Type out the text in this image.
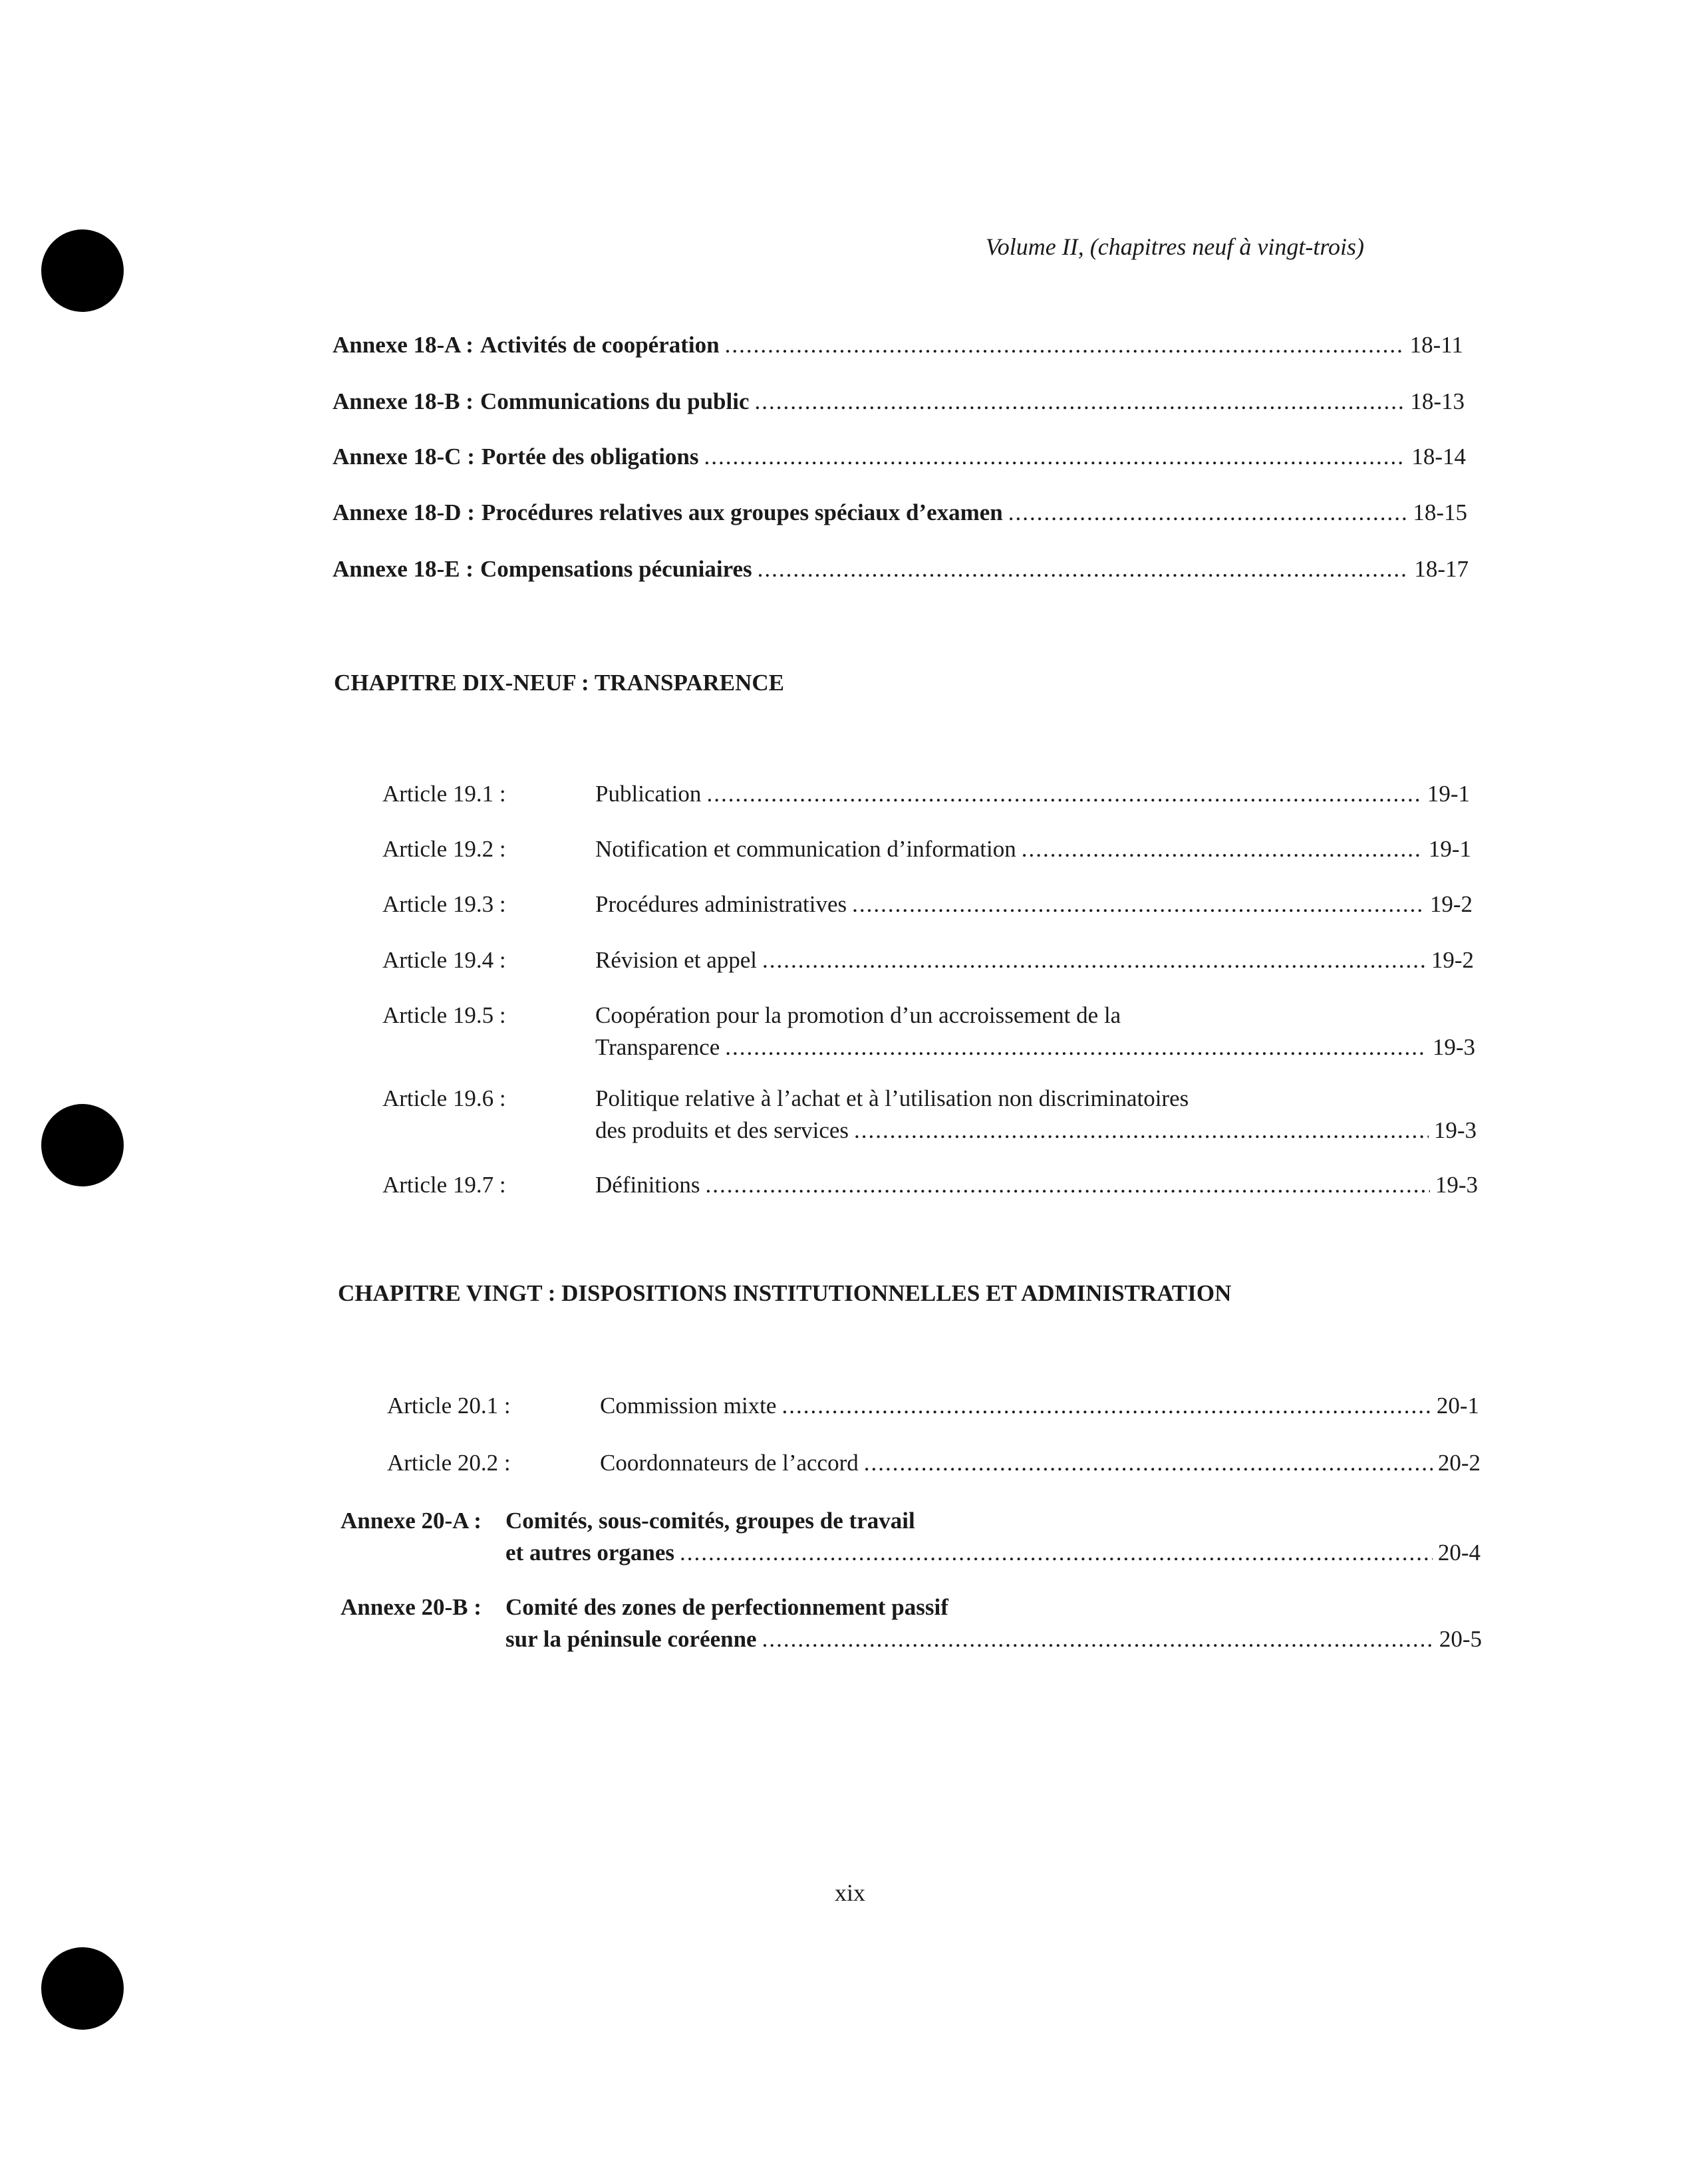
Volume II, (chapitres neuf à vingt-trois)
Annexe 18-A : Activités de coopération .....	18-11
Annexe 18-B : Communications du public .....	18-13
Annexe 18-C : Portée des obligations .....	18-14
Annexe 18-D : Procédures relatives aux groupes spéciaux d’examen .....	18-15
Annexe 18-E : Compensations pécuniaires .....	18-17
CHAPITRE DIX-NEUF : TRANSPARENCE
Article 19.1 :	Publication .....	19-1
Article 19.2 :	Notification et communication d’information .....	19-1
Article 19.3 :	Procédures administratives .....	19-2
Article 19.4 :	Révision et appel .....	19-2
Article 19.5 :	Coopération pour la promotion d’un accroissement de la
Transparence .....	19-3
Article 19.6 :	Politique relative à l’achat et à l’utilisation non discriminatoires
des produits et des services .....	19-3
Article 19.7 :	Définitions .....	19-3
CHAPITRE VINGT : DISPOSITIONS INSTITUTIONNELLES ET ADMINISTRATION
Article 20.1 :	Commission mixte .....	20-1
Article 20.2 :	Coordonnateurs de l’accord .....	20-2
Annexe 20-A :	Comités, sous-comités, groupes de travail
et autres organes .....	20-4
Annexe 20-B :	Comité des zones de perfectionnement passif
sur la péninsule coréenne .....	20-5
xix
